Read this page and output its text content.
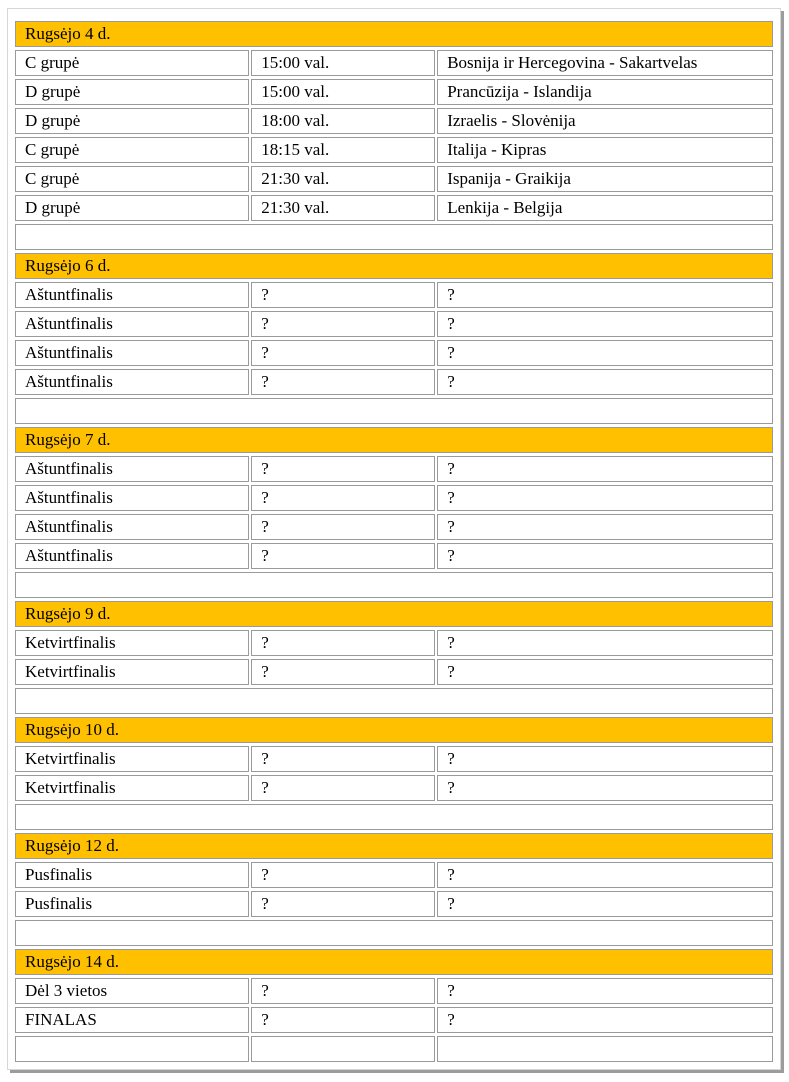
Rugsėjo 4 d.		
C grupė	15:00 val.	Bosnija ir Hercegovina - Sakartvelas
D grupė	15:00 val.	Prancūzija - Islandija
D grupė	18:00 val.	Izraelis - Slovėnija
C grupė	18:15 val.	Italija - Kipras
C grupė	21:30 val.	Ispanija - Graikija
D grupė	21:30 val.	Lenkija - Belgija

Rugsėjo 6 d.		
Aštuntfinalis	?	?
Aštuntfinalis	?	?
Aštuntfinalis	?	?
Aštuntfinalis	?	?

Rugsėjo 7 d.		
Aštuntfinalis	?	?
Aštuntfinalis	?	?
Aštuntfinalis	?	?
Aštuntfinalis	?	?

Rugsėjo 9 d.		
Ketvirtfinalis	?	?
Ketvirtfinalis	?	?

Rugsėjo 10 d.		
Ketvirtfinalis	?	?
Ketvirtfinalis	?	?

Rugsėjo 12 d.		
Pusfinalis	?	?
Pusfinalis	?	?

Rugsėjo 14 d.		
Dėl 3 vietos	?	?
FINALAS	?	?
